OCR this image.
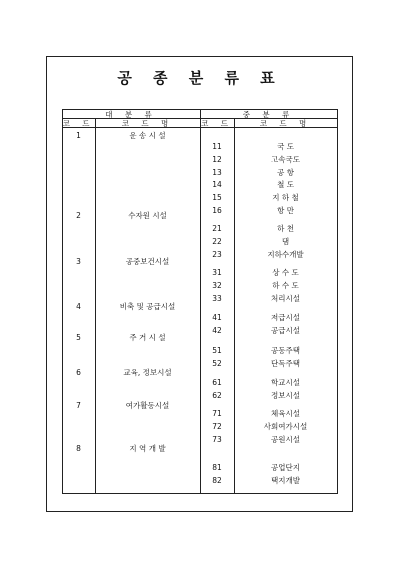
공 종 분 류 표
대 분 류	중 분 류
코 드	코 드 명	코 드	코 드 명
1	운 송 시 설
2	수자원 시설
3	공중보건시설
4	비축 및 공급시설
5	주 거 시 설
6	교육, 정보시설
7	여가활동시설
8	지 역 개 발
11	국 도
12	고속국도
13	공 항
14	철 도
15	지 하 철
16	항 만
21	하 천
22	댐
23	지하수개발
31	상 수 도
32	하 수 도
33	처리시설
41	저급시설
42	공급시설
51	공동주택
52	단독주택
61	학교시설
62	정보시설
71	체육시설
72	사회여가시설
73	공원시설
81	공업단지
82	택지개발
